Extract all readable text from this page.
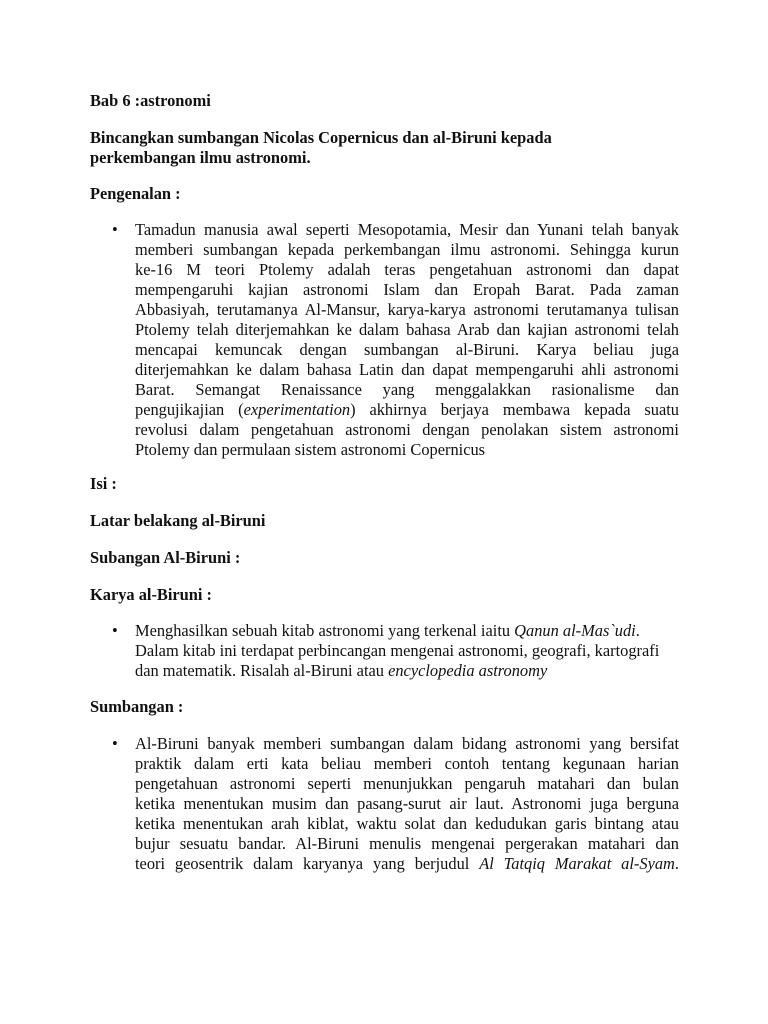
Bab 6 :astronomi

Bincangkan sumbangan Nicolas Copernicus dan al-Biruni kepada
perkembangan ilmu astronomi.

Pengenalan :

• Tamadun manusia awal seperti Mesopotamia, Mesir dan Yunani telah banyak
memberi sumbangan kepada perkembangan ilmu astronomi. Sehingga kurun
ke-16 M teori Ptolemy adalah teras pengetahuan astronomi dan dapat
mempengaruhi kajian astronomi Islam dan Eropah Barat. Pada zaman
Abbasiyah, terutamanya Al-Mansur, karya-karya astronomi terutamanya tulisan
Ptolemy telah diterjemahkan ke dalam bahasa Arab dan kajian astronomi telah
mencapai kemuncak dengan sumbangan al-Biruni. Karya beliau juga
diterjemahkan ke dalam bahasa Latin dan dapat mempengaruhi ahli astronomi
Barat. Semangat Renaissance yang menggalakkan rasionalisme dan
pengujikajian (experimentation) akhirnya berjaya membawa kepada suatu
revolusi dalam pengetahuan astronomi dengan penolakan sistem astronomi
Ptolemy dan permulaan sistem astronomi Copernicus

Isi :

Latar belakang al-Biruni

Subangan Al-Biruni :

Karya al-Biruni :

• Menghasilkan sebuah kitab astronomi yang terkenal iaitu Qanun al-Mas`udi.
Dalam kitab ini terdapat perbincangan mengenai astronomi, geografi, kartografi
dan matematik. Risalah al-Biruni atau encyclopedia astronomy

Sumbangan :

• Al-Biruni banyak memberi sumbangan dalam bidang astronomi yang bersifat
praktik dalam erti kata beliau memberi contoh tentang kegunaan harian
pengetahuan astronomi seperti menunjukkan pengaruh matahari dan bulan
ketika menentukan musim dan pasang-surut air laut. Astronomi juga berguna
ketika menentukan arah kiblat, waktu solat dan kedudukan garis bintang atau
bujur sesuatu bandar. Al-Biruni menulis mengenai pergerakan matahari dan
teori geosentrik dalam karyanya yang berjudul Al Tatqiq Marakat al-Syam.
